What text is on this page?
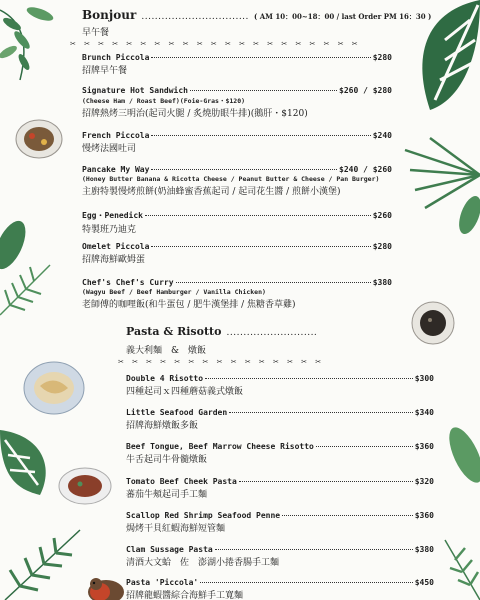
Bonjour ................................ ( AM 10：00~18：00 / last Order PM 16：30 )
早午餐
✂ ✂ ✂ ✂ ✂ ✂ ✂ ✂ ✂ ✂ ✂ ✂ ✂ ✂ ✂ ✂ ✂ ✂ ✂ ✂ ✂
Brunch Piccola	$280
招牌早午餐
Signature Hot Sandwich	$260 / $280
(Cheese Ham / Roast Beef)(Foie-Gras・$120)
招牌熱烤三明治(起司火腿 / 炙燒肋眼牛排)(鵝肝・$120)
French Piccola	$240
慢烤法國吐司
Pancake My Way	$240 / $260
(Honey Butter Banana & Ricotta Cheese / Peanut Butter & Cheese / Pan Burger)
主廚特製慢烤煎餅(奶油蜂蜜香蕉起司 / 起司花生醬 / 煎餅小漢堡)
Egg・Penedick	$260
特製班乃迪克
Omelet Piccola	$280
招牌海鮮歐姆蛋
Chef's Chef's Curry	$380
(Wagyu Beef / Beef Hamburger / Vanilla Chicken)
老師傅的咖哩飯(和牛蛋包 / 肥牛漢堡排 / 焦糖香草雞)
Pasta & Risotto ...........................
義大利麵　&　燉飯
✂ ✂ ✂ ✂ ✂ ✂ ✂ ✂ ✂ ✂ ✂ ✂ ✂ ✂ ✂
Double 4 Risotto	$300
四種起司ｘ四種蘑菇義式燉飯
Little Seafood Garden	$340
招牌海鮮燉飯多飯
Beef Tongue, Beef Marrow Cheese Risotto	$360
牛舌起司牛骨髓燉飯
Tomato Beef Cheek Pasta	$320
蕃茄牛頰起司手工麵
Scallop Red Shrimp Seafood Penne	$360
焗烤干貝紅蝦海鮮短管麵
Clam Sussage Pasta	$380
清酒大文蛤　佐　澎湖小捲香腸手工麵
Pasta 'Piccola'	$450
招牌龍蝦醬綜合海鮮手工寬麵
